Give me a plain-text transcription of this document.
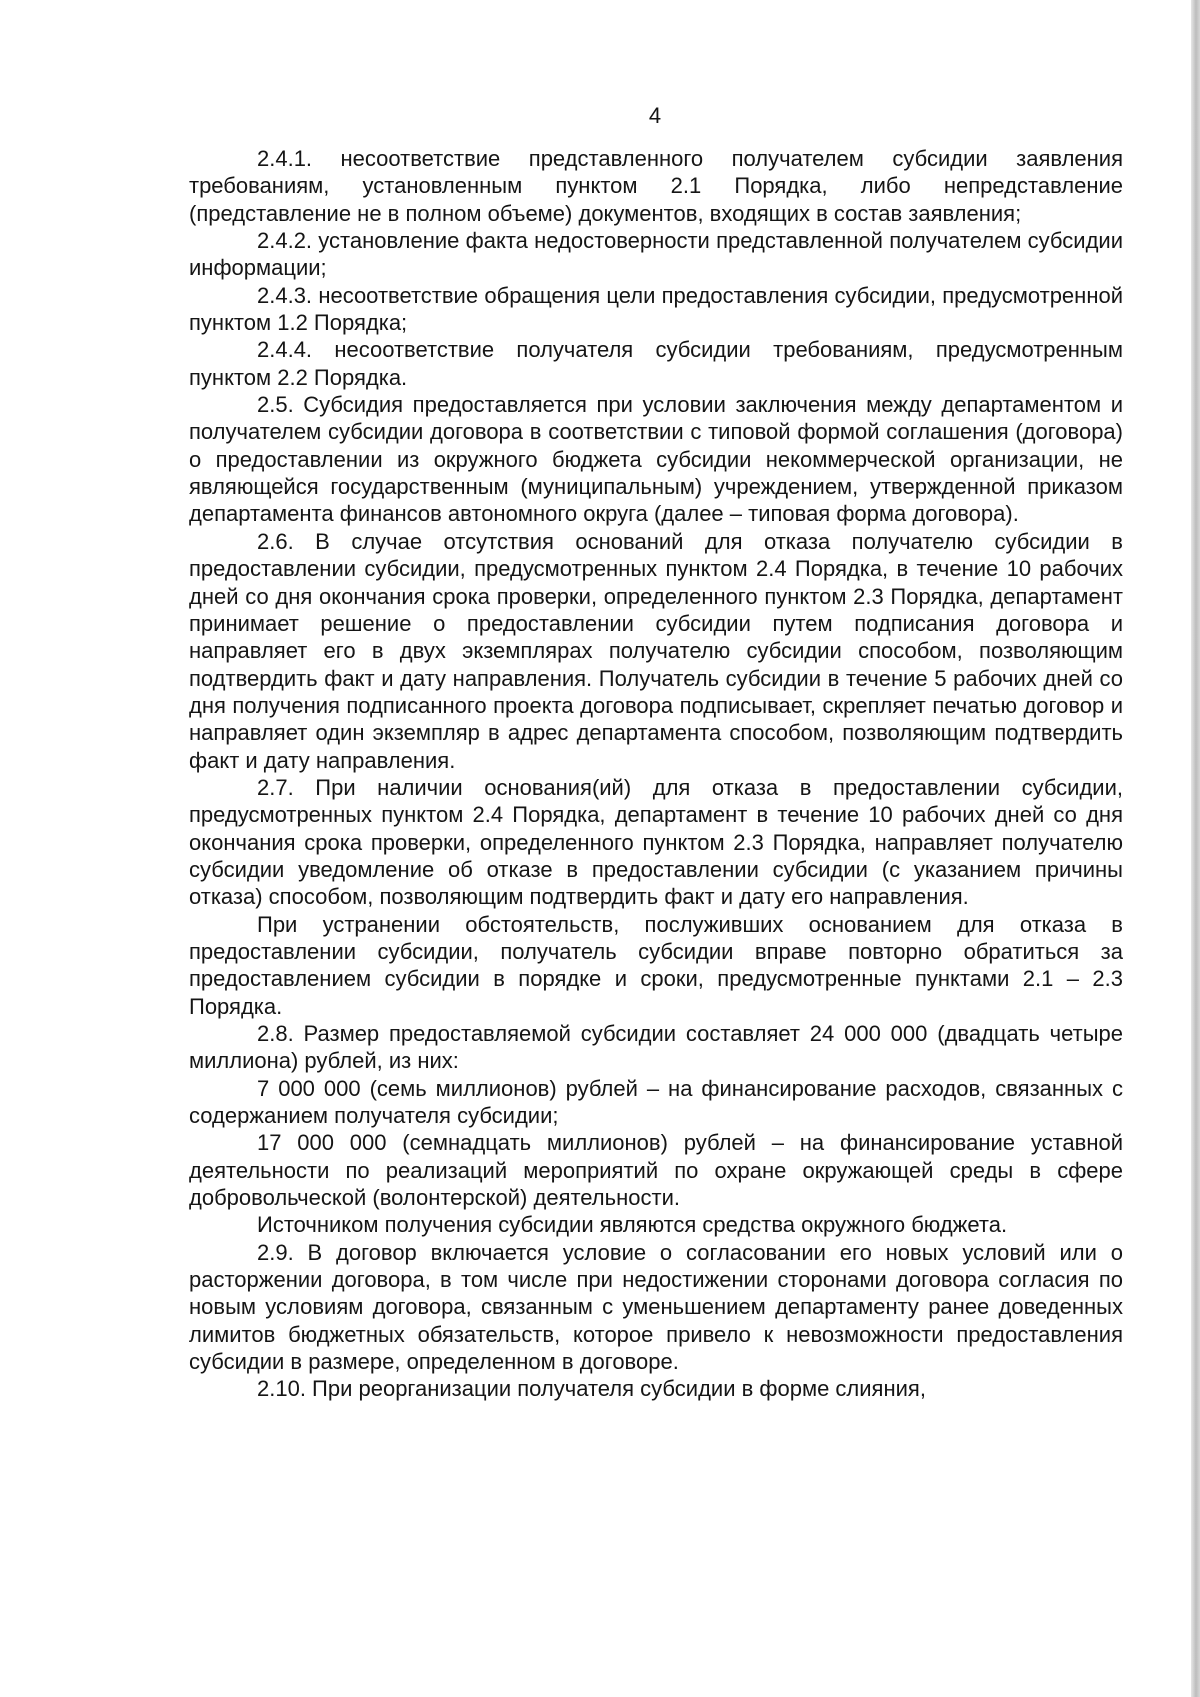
4

2.4.1. несоответствие представленного получателем субсидии заявления требованиям, установленным пунктом 2.1 Порядка, либо непредставление (представление не в полном объеме) документов, входящих в состав заявления;

2.4.2. установление факта недостоверности представленной получателем субсидии информации;

2.4.3. несоответствие обращения цели предоставления субсидии, предусмотренной пунктом 1.2 Порядка;

2.4.4. несоответствие получателя субсидии требованиям, предусмотренным пунктом 2.2 Порядка.

2.5. Субсидия предоставляется при условии заключения между департаментом и получателем субсидии договора в соответствии с типовой формой соглашения (договора) о предоставлении из окружного бюджета субсидии некоммерческой организации, не являющейся государственным (муниципальным) учреждением, утвержденной приказом департамента финансов автономного округа (далее – типовая форма договора).

2.6. В случае отсутствия оснований для отказа получателю субсидии в предоставлении субсидии, предусмотренных пунктом 2.4 Порядка, в течение 10 рабочих дней со дня окончания срока проверки, определенного пунктом 2.3 Порядка, департамент принимает решение о предоставлении субсидии путем подписания договора и направляет его в двух экземплярах получателю субсидии способом, позволяющим подтвердить факт и дату направления. Получатель субсидии в течение 5 рабочих дней со дня получения подписанного проекта договора подписывает, скрепляет печатью договор и направляет один экземпляр в адрес департамента способом, позволяющим подтвердить факт и дату направления.

2.7. При наличии основания(ий) для отказа в предоставлении субсидии, предусмотренных пунктом 2.4 Порядка, департамент в течение 10 рабочих дней со дня окончания срока проверки, определенного пунктом 2.3 Порядка, направляет получателю субсидии уведомление об отказе в предоставлении субсидии (с указанием причины отказа) способом, позволяющим подтвердить факт и дату его направления.

При устранении обстоятельств, послуживших основанием для отказа в предоставлении субсидии, получатель субсидии вправе повторно обратиться за предоставлением субсидии в порядке и сроки, предусмотренные пунктами 2.1 – 2.3 Порядка.

2.8. Размер предоставляемой субсидии составляет 24 000 000 (двадцать четыре миллиона) рублей, из них:

7 000 000 (семь миллионов) рублей – на финансирование расходов, связанных с содержанием получателя субсидии;

17 000 000 (семнадцать миллионов) рублей – на финансирование уставной деятельности по реализаций мероприятий по охране окружающей среды в сфере добровольческой (волонтерской) деятельности.

Источником получения субсидии являются средства окружного бюджета.

2.9. В договор включается условие о согласовании его новых условий или о расторжении договора, в том числе при недостижении сторонами договора согласия по новым условиям договора, связанным с уменьшением департаменту ранее доведенных лимитов бюджетных обязательств, которое привело к невозможности предоставления субсидии в размере, определенном в договоре.

2.10. При реорганизации получателя субсидии в форме слияния,
